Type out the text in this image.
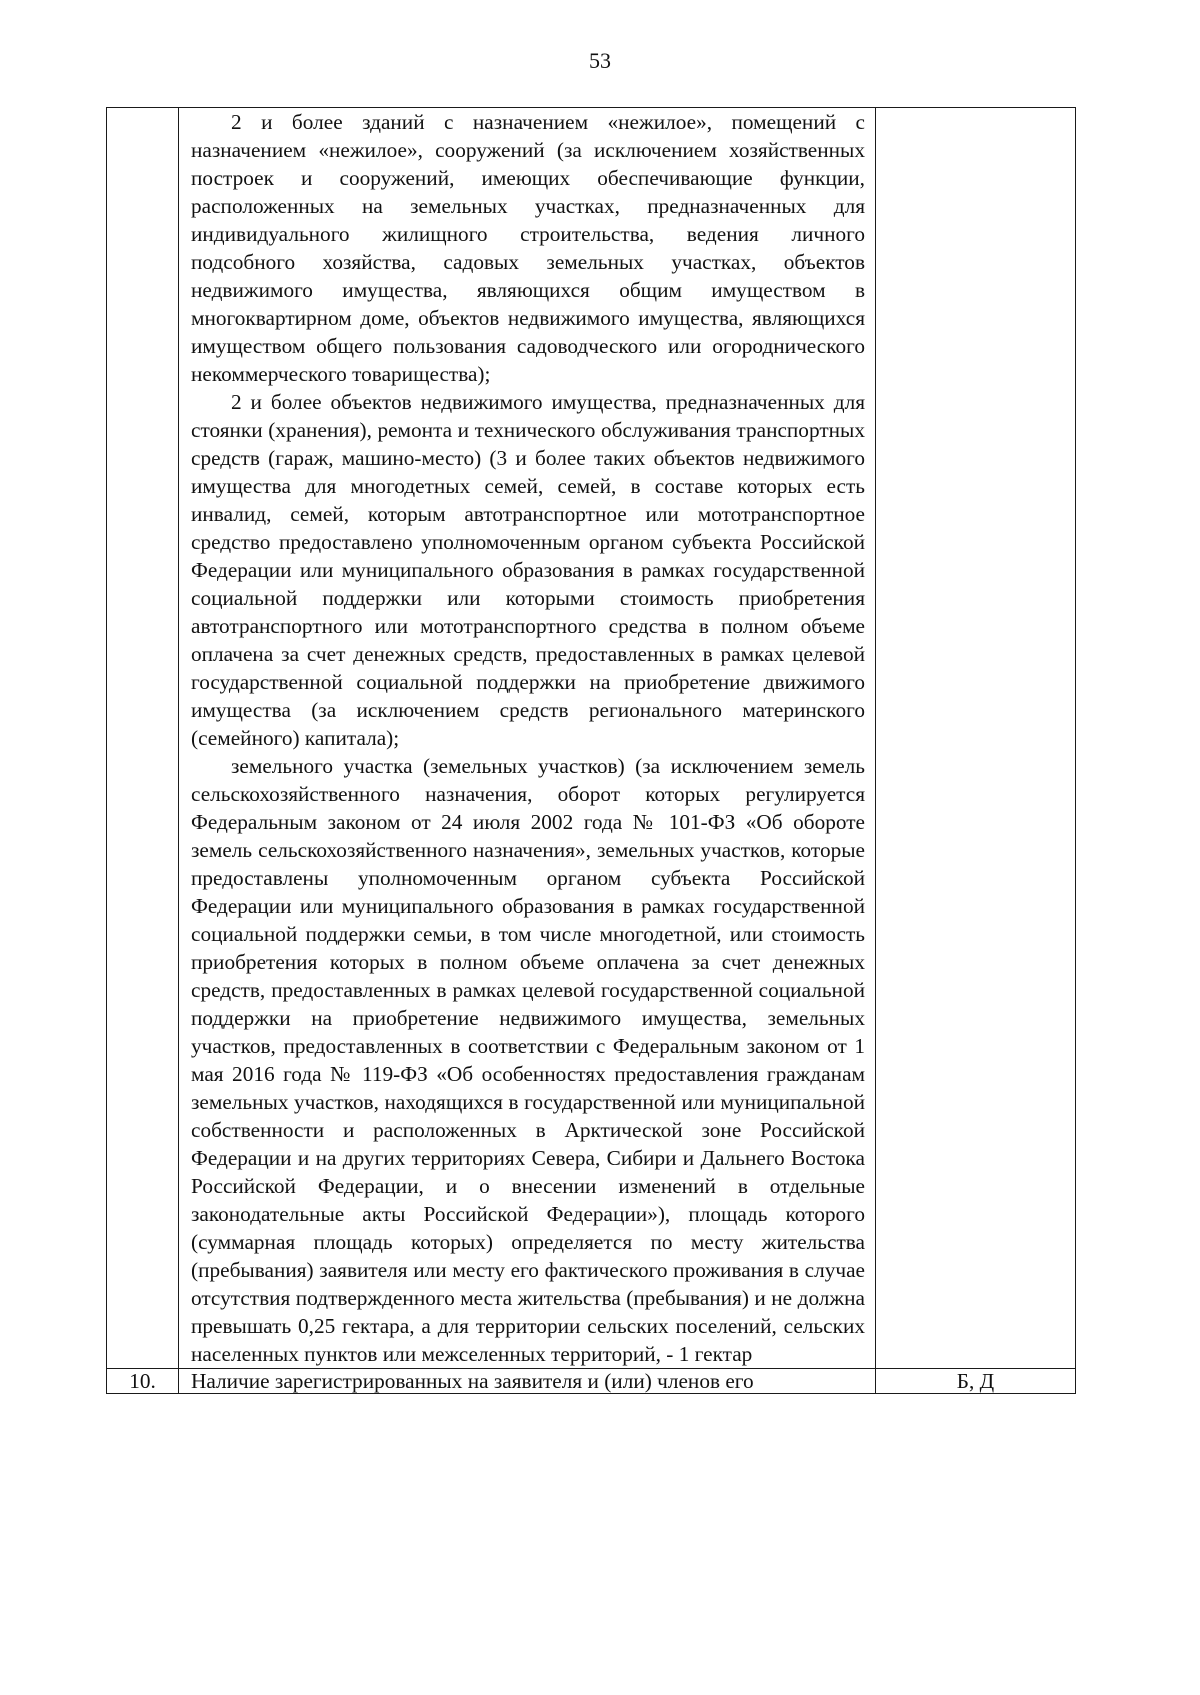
53

	2 и более зданий с назначением «нежилое», помещений с назначением «нежилое», сооружений (за исключением хозяйственных построек и сооружений, имеющих обеспечивающие функции, расположенных на земельных участках, предназначенных для индивидуального жилищного строительства, ведения личного подсобного хозяйства, садовых земельных участках, объектов недвижимого имущества, являющихся общим имуществом в многоквартирном доме, объектов недвижимого имущества, являющихся имуществом общего пользования садоводческого или огороднического некоммерческого товарищества);

2 и более объектов недвижимого имущества, предназначенных для стоянки (хранения), ремонта и технического обслуживания транспортных средств (гараж, машино-место) (3 и более таких объектов недвижимого имущества для многодетных семей, семей, в составе которых есть инвалид, семей, которым автотранспортное или мототранспортное средство предоставлено уполномоченным органом субъекта Российской Федерации или муниципального образования в рамках государственной социальной поддержки или которыми стоимость приобретения автотранспортного или мототранспортного средства в полном объеме оплачена за счет денежных средств, предоставленных в рамках целевой государственной социальной поддержки на приобретение движимого имущества (за исключением средств регионального материнского (семейного) капитала);

земельного участка (земельных участков) (за исключением земель сельскохозяйственного назначения, оборот которых регулируется Федеральным законом от 24 июля 2002 года № 101-ФЗ «Об обороте земель сельскохозяйственного назначения», земельных участков, которые предоставлены уполномоченным органом субъекта Российской Федерации или муниципального образования в рамках государственной социальной поддержки семьи, в том числе многодетной, или стоимость приобретения которых в полном объеме оплачена за счет денежных средств, предоставленных в рамках целевой государственной социальной поддержки на приобретение недвижимого имущества, земельных участков, предоставленных в соответствии с Федеральным законом от 1 мая 2016 года № 119-ФЗ «Об особенностях предоставления гражданам земельных участков, находящихся в государственной или муниципальной собственности и расположенных в Арктической зоне Российской Федерации и на других территориях Севера, Сибири и Дальнего Востока Российской Федерации, и о внесении изменений в отдельные законодательные акты Российской Федерации»), площадь которого (суммарная площадь которых) определяется по месту жительства (пребывания) заявителя или месту его фактического проживания в случае отсутствия подтвержденного места жительства (пребывания) и не должна превышать 0,25 гектара, а для территории сельских поселений, сельских населенных пунктов или межселенных территорий, - 1 гектар	

10.	Наличие зарегистрированных на заявителя и (или) членов его	Б, Д
